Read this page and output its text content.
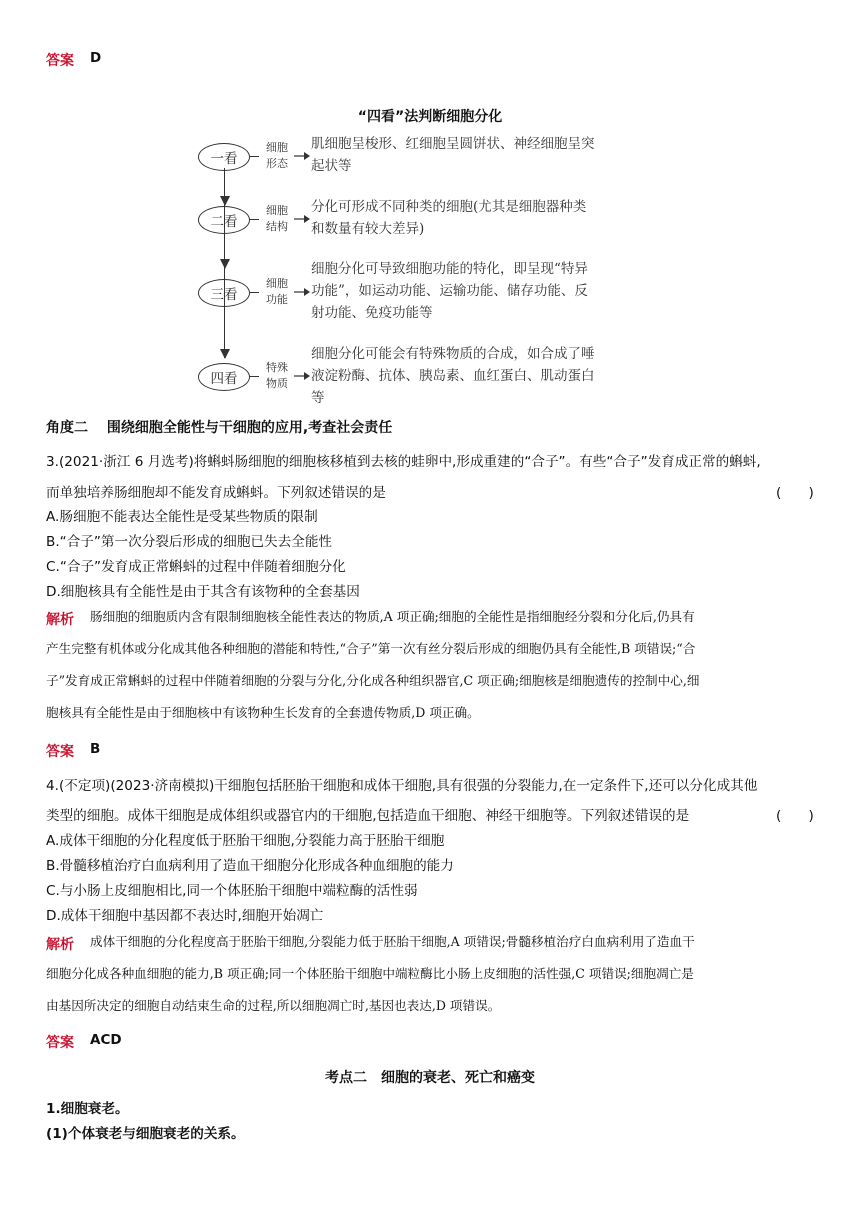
答案 D
“四看”法判断细胞分化
一看
细胞
形态
肌细胞呈梭形、红细胞呈圆饼状、神经细胞呈突
起状等
二看
细胞
结构
分化可形成不同种类的细胞(尤其是细胞器种类
和数量有较大差异)
三看
细胞
功能
细胞分化可导致细胞功能的特化，即呈现“特异
功能”，如运动功能、运输功能、储存功能、反
射功能、免疫功能等
四看
特殊
物质
细胞分化可能会有特殊物质的合成，如合成了唾
液淀粉酶、抗体、胰岛素、血红蛋白、肌动蛋白
等
角度二　 围绕细胞全能性与干细胞的应用,考查社会责任
3.(2021·浙江 6 月选考)将蝌蚪肠细胞的细胞核移植到去核的蛙卵中,形成重建的“合子”。有些“合子”发育成正常的蝌蚪,
而单独培养肠细胞却不能发育成蝌蚪。下列叙述错误的是	(　　)
A.肠细胞不能表达全能性是受某些物质的限制
B.“合子”第一次分裂后形成的细胞已失去全能性
C.“合子”发育成正常蝌蚪的过程中伴随着细胞分化
D.细胞核具有全能性是由于其含有该物种的全套基因
解析 肠细胞的细胞质内含有限制细胞核全能性表达的物质,A 项正确;细胞的全能性是指细胞经分裂和分化后,仍具有
产生完整有机体或分化成其他各种细胞的潜能和特性,“合子”第一次有丝分裂后形成的细胞仍具有全能性,B 项错误;“合
子”发育成正常蝌蚪的过程中伴随着细胞的分裂与分化,分化成各种组织器官,C 项正确;细胞核是细胞遗传的控制中心,细
胞核具有全能性是由于细胞核中有该物种生长发育的全套遗传物质,D 项正确。
答案 B
4.(不定项)(2023·济南模拟)干细胞包括胚胎干细胞和成体干细胞,具有很强的分裂能力,在一定条件下,还可以分化成其他
类型的细胞。成体干细胞是成体组织或器官内的干细胞,包括造血干细胞、神经干细胞等。下列叙述错误的是	(　　)
A.成体干细胞的分化程度低于胚胎干细胞,分裂能力高于胚胎干细胞
B.骨髓移植治疗白血病利用了造血干细胞分化形成各种血细胞的能力
C.与小肠上皮细胞相比,同一个体胚胎干细胞中端粒酶的活性弱
D.成体干细胞中基因都不表达时,细胞开始凋亡
解析 成体干细胞的分化程度高于胚胎干细胞,分裂能力低于胚胎干细胞,A 项错误;骨髓移植治疗白血病利用了造血干
细胞分化成各种血细胞的能力,B 项正确;同一个体胚胎干细胞中端粒酶比小肠上皮细胞的活性强,C 项错误;细胞凋亡是
由基因所决定的细胞自动结束生命的过程,所以细胞凋亡时,基因也表达,D 项错误。
答案 ACD
考点二　细胞的衰老、死亡和癌变
1.细胞衰老。
(1)个体衰老与细胞衰老的关系。
